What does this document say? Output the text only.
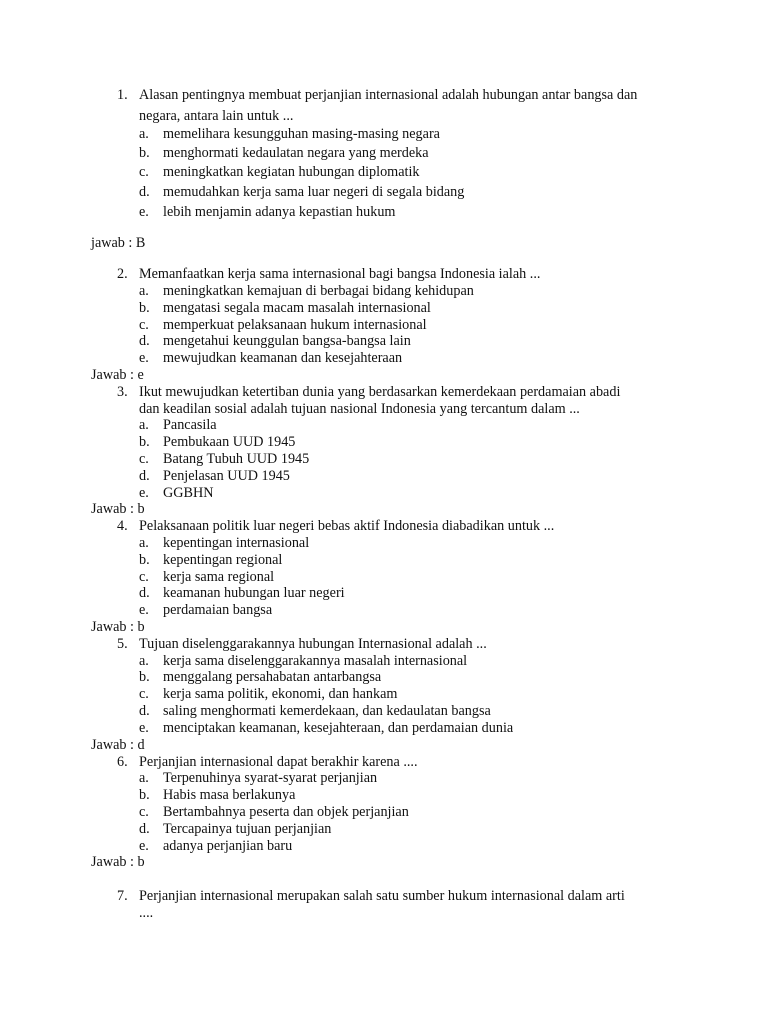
1. Alasan pentingnya membuat perjanjian internasional adalah hubungan antar bangsa dan
negara, antara lain untuk ...
a. memelihara kesungguhan masing-masing negara
b. menghormati kedaulatan negara yang merdeka
c. meningkatkan kegiatan hubungan diplomatik
d. memudahkan kerja sama luar negeri di segala bidang
e. lebih menjamin adanya kepastian hukum
jawab : B
2. Memanfaatkan kerja sama internasional bagi bangsa Indonesia ialah ...
a. meningkatkan kemajuan di berbagai bidang kehidupan
b. mengatasi segala macam masalah internasional
c. memperkuat pelaksanaan hukum internasional
d. mengetahui keunggulan bangsa-bangsa lain
e. mewujudkan keamanan dan kesejahteraan
Jawab : e
3. Ikut mewujudkan ketertiban dunia yang berdasarkan kemerdekaan perdamaian abadi
dan keadilan sosial adalah tujuan nasional Indonesia yang tercantum dalam ...
a. Pancasila
b. Pembukaan UUD 1945
c. Batang Tubuh UUD 1945
d. Penjelasan UUD 1945
e. GGBHN
Jawab : b
4. Pelaksanaan politik luar negeri bebas aktif Indonesia diabadikan untuk ...
a. kepentingan internasional
b. kepentingan regional
c. kerja sama regional
d. keamanan hubungan luar negeri
e. perdamaian bangsa
Jawab : b
5. Tujuan diselenggarakannya hubungan Internasional adalah ...
a. kerja sama diselenggarakannya masalah internasional
b. menggalang persahabatan antarbangsa
c. kerja sama politik, ekonomi, dan hankam
d. saling menghormati kemerdekaan, dan kedaulatan bangsa
e. menciptakan keamanan, kesejahteraan, dan perdamaian dunia
Jawab : d
6. Perjanjian internasional dapat berakhir karena ....
a. Terpenuhinya syarat-syarat perjanjian
b. Habis masa berlakunya
c. Bertambahnya peserta dan objek perjanjian
d. Tercapainya tujuan perjanjian
e. adanya perjanjian baru
Jawab : b
7. Perjanjian internasional merupakan salah satu sumber hukum internasional dalam arti
....
